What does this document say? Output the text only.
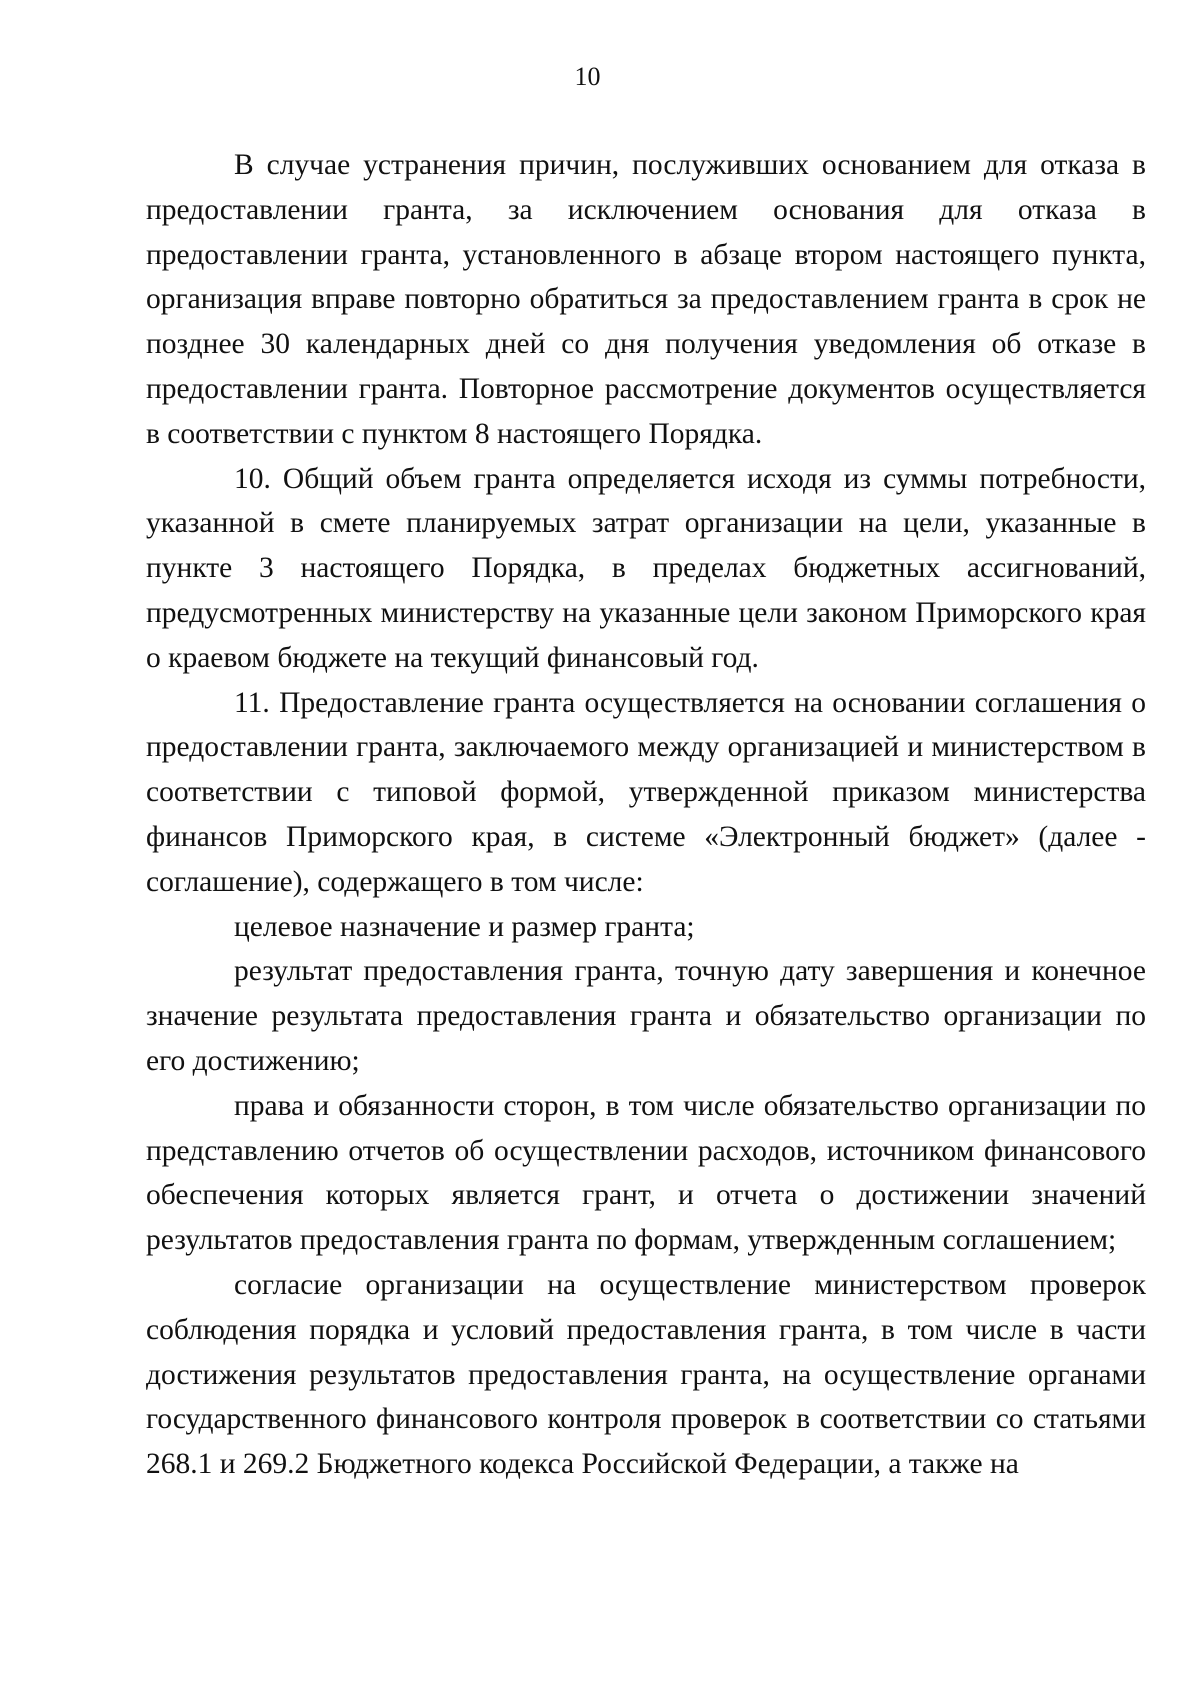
10

В случае устранения причин, послуживших основанием для отказа в предоставлении гранта, за исключением основания для отказа в предоставлении гранта, установленного в абзаце втором настоящего пункта, организация вправе повторно обратиться за предоставлением гранта в срок не позднее 30 календарных дней со дня получения уведомления об отказе в предоставлении гранта. Повторное рассмотрение документов осуществляется в соответствии с пунктом 8 настоящего Порядка.

10. Общий объем гранта определяется исходя из суммы потребности, указанной в смете планируемых затрат организации на цели, указанные в пункте 3 настоящего Порядка, в пределах бюджетных ассигнований, предусмотренных министерству на указанные цели законом Приморского края о краевом бюджете на текущий финансовый год.

11. Предоставление гранта осуществляется на основании соглашения о предоставлении гранта, заключаемого между организацией и министерством в соответствии с типовой формой, утвержденной приказом министерства финансов Приморского края, в системе «Электронный бюджет» (далее - соглашение), содержащего в том числе:

целевое назначение и размер гранта;

результат предоставления гранта, точную дату завершения и конечное значение результата предоставления гранта и обязательство организации по его достижению;

права и обязанности сторон, в том числе обязательство организации по представлению отчетов об осуществлении расходов, источником финансового обеспечения которых является грант, и отчета о достижении значений результатов предоставления гранта по формам, утвержденным соглашением;

согласие организации на осуществление министерством проверок соблюдения порядка и условий предоставления гранта, в том числе в части достижения результатов предоставления гранта, на осуществление органами государственного финансового контроля проверок в соответствии со статьями 268.1 и 269.2 Бюджетного кодекса Российской Федерации, а также на
